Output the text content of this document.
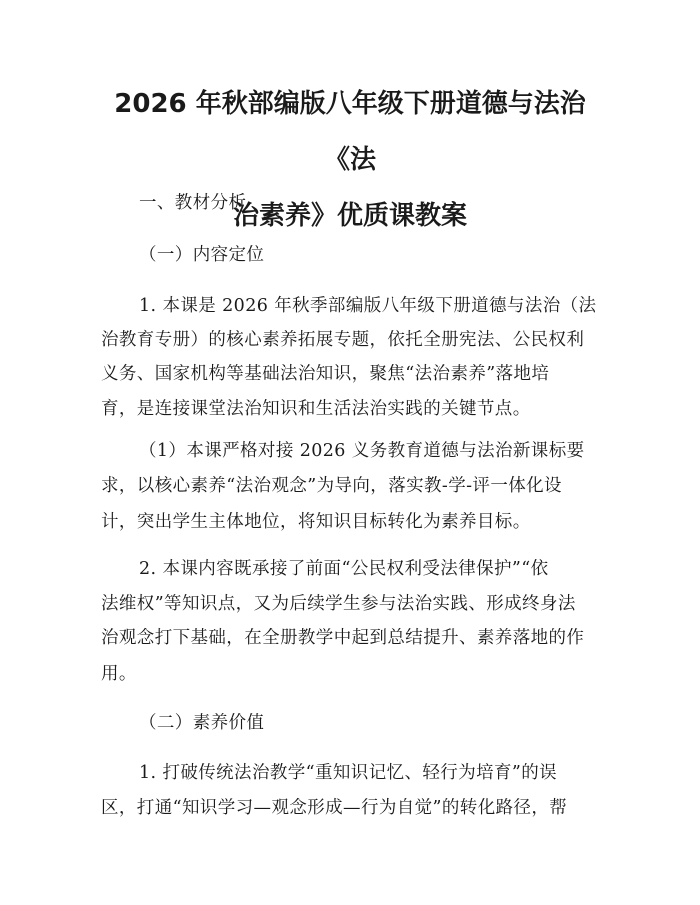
2026 年秋部编版八年级下册道德与法治《法
治素养》优质课教案

一、教材分析

（一）内容定位

1. 本课是 2026 年秋季部编版八年级下册道德与法治（法

治教育专册）的核心素养拓展专题，依托全册宪法、公民权利

义务、国家机构等基础法治知识，聚焦“法治素养”落地培

育，是连接课堂法治知识和生活法治实践的关键节点。

（1）本课严格对接 2026 义务教育道德与法治新课标要

求，以核心素养“法治观念”为导向，落实教-学-评一体化设

计，突出学生主体地位，将知识目标转化为素养目标。

2. 本课内容既承接了前面“公民权利受法律保护”“依

法维权”等知识点，又为后续学生参与法治实践、形成终身法

治观念打下基础，在全册教学中起到总结提升、素养落地的作

用。

（二）素养价值

1. 打破传统法治教学“重知识记忆、轻行为培育”的误

区，打通“知识学习—观念形成—行为自觉”的转化路径，帮
